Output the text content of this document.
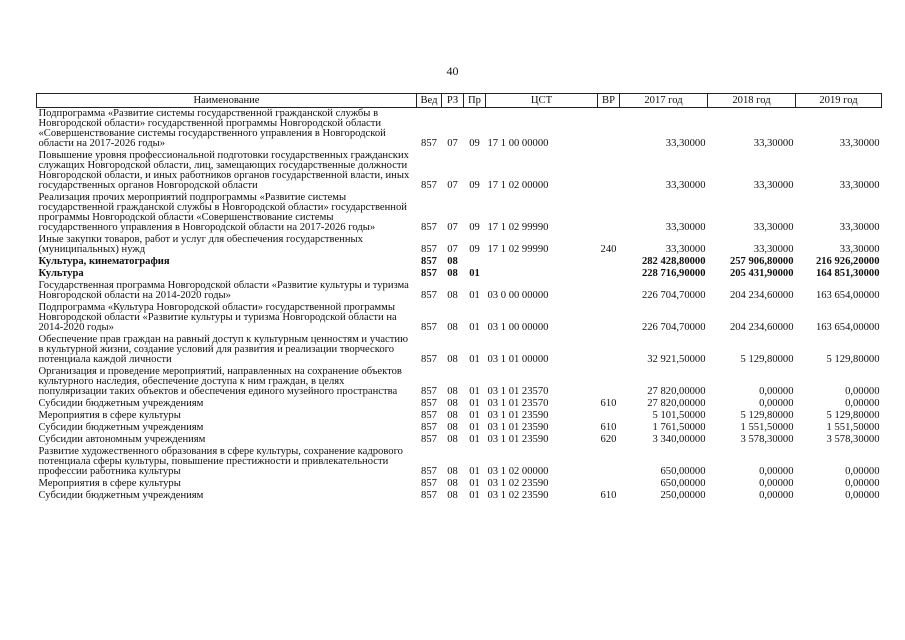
40
Наименование	Вед	РЗ	Пр	ЦСТ	ВР	2017 год	2018 год	2019 год
Подпрограмма «Развитие системы государственной гражданской службы в Новгородской области» государственной программы Новгородской области «Совершенствование системы государственного управления в Новгородской области на 2017-2026 годы»	857	07	09	17 1 00 00000		33,30000	33,30000	33,30000
Повышение уровня профессиональной подготовки государственных гражданских служащих Новгородской области, лиц, замещающих государственные должности Новгородской области, и иных работников органов государственной власти, иных государственных органов Новгородской области	857	07	09	17 1 02 00000		33,30000	33,30000	33,30000
Реализация прочих мероприятий подпрограммы «Развитие системы государственной гражданской службы в Новгородской области» государственной программы Новгородской области «Совершенствование системы государственного управления в Новгородской области на 2017-2026 годы»	857	07	09	17 1 02 99990		33,30000	33,30000	33,30000
Иные закупки товаров, работ и услуг для обеспечения государственных (муниципальных) нужд	857	07	09	17 1 02 99990	240	33,30000	33,30000	33,30000
Культура, кинематография	857	08				282 428,80000	257 906,80000	216 926,20000
Культура	857	08	01			228 716,90000	205 431,90000	164 851,30000
Государственная программа Новгородской области «Развитие культуры и туризма Новгородской области на 2014-2020 годы»	857	08	01	03 0 00 00000		226 704,70000	204 234,60000	163 654,00000
Подпрограмма «Культура Новгородской области» государственной программы Новгородской области «Развитие культуры и туризма Новгородской области на 2014-2020 годы»	857	08	01	03 1 00 00000		226 704,70000	204 234,60000	163 654,00000
Обеспечение прав граждан на равный доступ к культурным ценностям и участию в культурной жизни, создание условий для развития и реализации творческого потенциала каждой личности	857	08	01	03 1 01 00000		32 921,50000	5 129,80000	5 129,80000
Организация и проведение мероприятий, направленных на сохранение объектов культурного наследия, обеспечение доступа к ним граждан, в целях популяризации таких объектов и обеспечения единого музейного пространства	857	08	01	03 1 01 23570		27 820,00000	0,00000	0,00000
Субсидии бюджетным учреждениям	857	08	01	03 1 01 23570	610	27 820,00000	0,00000	0,00000
Мероприятия в сфере культуры	857	08	01	03 1 01 23590		5 101,50000	5 129,80000	5 129,80000
Субсидии бюджетным учреждениям	857	08	01	03 1 01 23590	610	1 761,50000	1 551,50000	1 551,50000
Субсидии автономным учреждениям	857	08	01	03 1 01 23590	620	3 340,00000	3 578,30000	3 578,30000
Развитие художественного образования в сфере культуры, сохранение кадрового потенциала сферы культуры, повышение престижности и привлекательности профессии работника культуры	857	08	01	03 1 02 00000		650,00000	0,00000	0,00000
Мероприятия в сфере культуры	857	08	01	03 1 02 23590		650,00000	0,00000	0,00000
Субсидии бюджетным учреждениям	857	08	01	03 1 02 23590	610	250,00000	0,00000	0,00000
